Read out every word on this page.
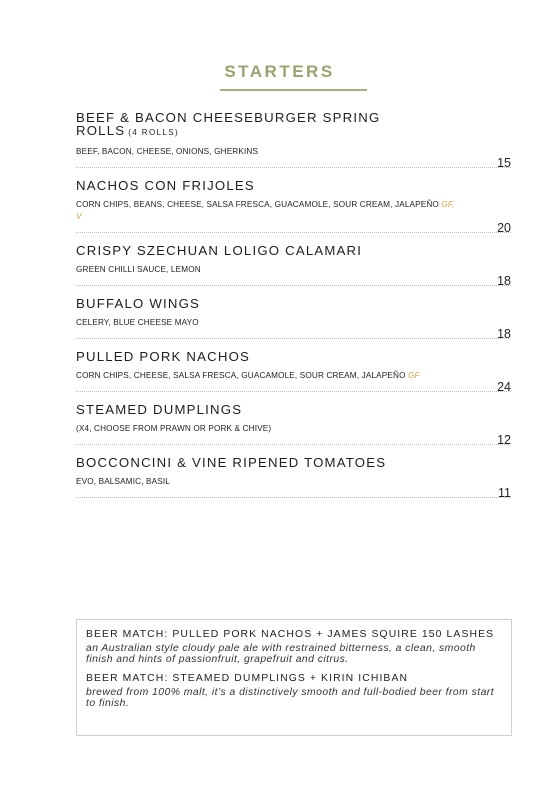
STARTERS
BEEF & BACON CHEESEBURGER SPRING ROLLS (4 ROLLS)
BEEF, BACON, CHEESE, ONIONS, GHERKINS
15
NACHOS CON FRIJOLES
CORN CHIPS, BEANS, CHEESE, SALSA FRESCA, GUACAMOLE, SOUR CREAM, JALAPEÑO GF, V
20
CRISPY SZECHUAN LOLIGO CALAMARI
GREEN CHILLI SAUCE, LEMON
18
BUFFALO WINGS
CELERY, BLUE CHEESE MAYO
18
PULLED PORK NACHOS
CORN CHIPS, CHEESE, SALSA FRESCA, GUACAMOLE, SOUR CREAM, JALAPEÑO GF
24
STEAMED DUMPLINGS
(X4, CHOOSE FROM PRAWN OR PORK & CHIVE)
12
BOCCONCINI & VINE RIPENED TOMATOES
EVO, BALSAMIC, BASIL
11
BEER MATCH: PULLED PORK NACHOS + JAMES SQUIRE 150 LASHES
an Australian style cloudy pale ale with restrained bitterness, a clean, smooth finish and hints of passionfruit, grapefruit and citrus.
BEER MATCH: STEAMED DUMPLINGS + KIRIN ICHIBAN
brewed from 100% malt, it’s a distinctively smooth and full-bodied beer from start to finish.
